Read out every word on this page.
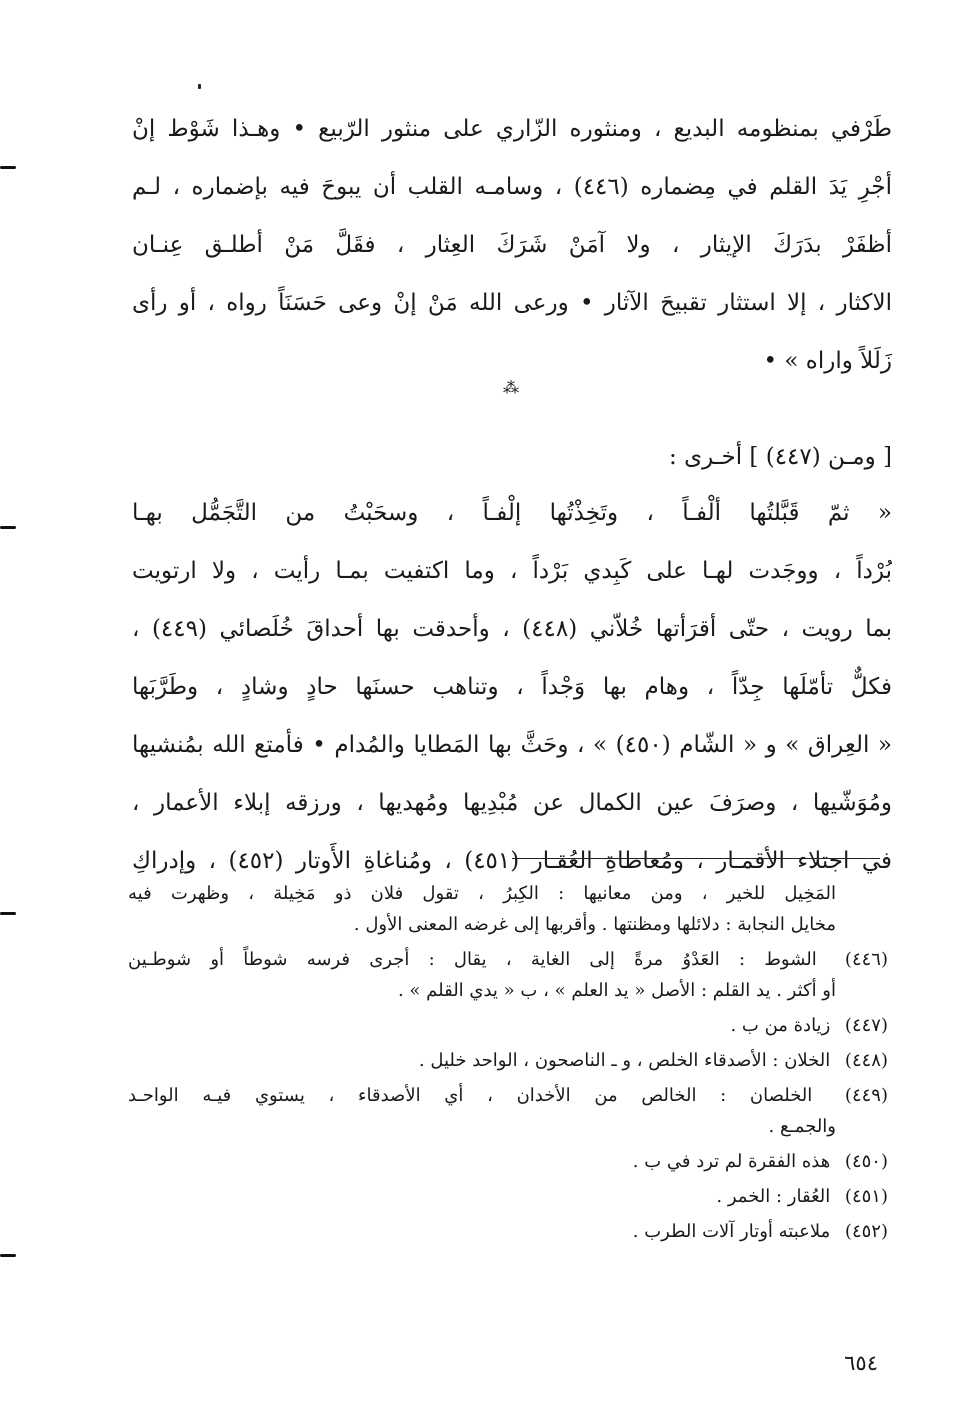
طَرْفي بمنظومه البديع ، ومنثوره الزّاري على منثور الرّبيع • وهـذا شَوْط إنْ
ُأجْرِ يَدَ القلم في مِضماره (٤٤٦) ، وسامـه القلب أن يبوحَ فيه بإضماره ، لـم
َأظفَرْ بدَرَكَ الإيثار ، ولا آمَنْ شَرَكَ العِثار ، فقَلَّ مَنْ أطلـق عِنـان
الاكثار ، إلا استثار تقبيحَ الآثار • ورعى الله مَنْ إنْ وعى حَسَنَاً رواه ، أو رأى
زَلَلاً واراه » •
⁂
[ ومـن (٤٤٧) ] أخـرى :
« ثمّ قَبَّلتُها ألْفـاً ، وتَخِذْتُها إلْفـاً ، وسحَبْتُ من التَّجَمُّل بهـا
بُرْداً ، ووجَدت لهـا على كَبِدي بَرْداً ، وما اكتفيت بمـا رأيت ، ولا ارتويت
بما رويت ، حتّى أقرَأتها خُلاّني (٤٤٨) ، وأحدقت بها أحداقَ خُلَصائي (٤٤٩) ،
فكلٌّ تأمّلَها جِدّاً ، وهام بها وَجْداً ، وتناهب حسنَها حادٍ وشادٍ ، وطَرَّبَها
« العِراق » و « الشّام (٤٥٠) » ، وحَثَّ بها المَطايا والمُدام • فأمتع الله بمُنشيها
ومُوَشّيها ، وصرَفَ عين الكمال عن مُبْدِيها ومُهديها ، ورزقه إبلاء الأعمار ،
في اجتلاء الأقمـار ، ومُعاطاةِ العُقـار (٤٥١) ، ومُناغاةِ الأَوتار (٤٥٢) ، وإدراكِ
المَخِيل للخير ، ومن معانيها : الكِبرُ ، تقول فلان ذو مَخِيلة ، وظهرت فيه
مخايل النجابة : دلائلها ومظنتها . وأقربها إلى غرضه المعنى الأول .
(٤٤٦) الشوط : العَدْوُ مرةً إلى الغاية ، يقال : أجرى فرسه شوطاً أو شوطـين
أو أكثر . يد القلم : الأصل « يد العلم » ، ب « يدي القلم » .
(٤٤٧) زيادة من ب .
(٤٤٨) الخلان : الأصدقاء الخلص ، و ـ الناصحون ، الواحد خليل .
(٤٤٩) الخلصان : الخالص من الأخدان ، أي الأصدقاء ، يستوي فيـه الواحـد
والجمـع .
(٤٥٠) هذه الفقرة لم ترد في ب .
(٤٥١) العُقار : الخمر .
(٤٥٢) ملاعبته أوتار آلات الطرب .
٦٥٤
